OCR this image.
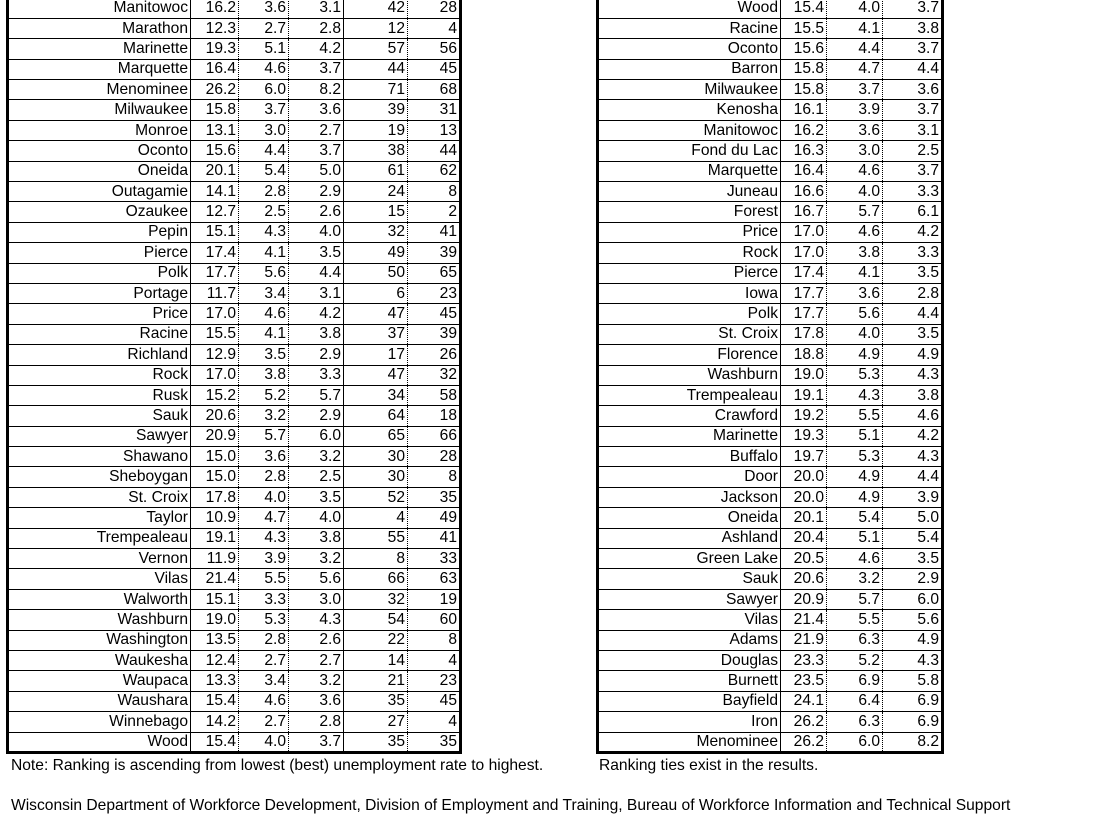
Manitowoc	16.2	3.6	3.1	42	28
Marathon	12.3	2.7	2.8	12	4
Marinette	19.3	5.1	4.2	57	56
Marquette	16.4	4.6	3.7	44	45
Menominee	26.2	6.0	8.2	71	68
Milwaukee	15.8	3.7	3.6	39	31
Monroe	13.1	3.0	2.7	19	13
Oconto	15.6	4.4	3.7	38	44
Oneida	20.1	5.4	5.0	61	62
Outagamie	14.1	2.8	2.9	24	8
Ozaukee	12.7	2.5	2.6	15	2
Pepin	15.1	4.3	4.0	32	41
Pierce	17.4	4.1	3.5	49	39
Polk	17.7	5.6	4.4	50	65
Portage	11.7	3.4	3.1	6	23
Price	17.0	4.6	4.2	47	45
Racine	15.5	4.1	3.8	37	39
Richland	12.9	3.5	2.9	17	26
Rock	17.0	3.8	3.3	47	32
Rusk	15.2	5.2	5.7	34	58
Sauk	20.6	3.2	2.9	64	18
Sawyer	20.9	5.7	6.0	65	66
Shawano	15.0	3.6	3.2	30	28
Sheboygan	15.0	2.8	2.5	30	8
St. Croix	17.8	4.0	3.5	52	35
Taylor	10.9	4.7	4.0	4	49
Trempealeau	19.1	4.3	3.8	55	41
Vernon	11.9	3.9	3.2	8	33
Vilas	21.4	5.5	5.6	66	63
Walworth	15.1	3.3	3.0	32	19
Washburn	19.0	5.3	4.3	54	60
Washington	13.5	2.8	2.6	22	8
Waukesha	12.4	2.7	2.7	14	4
Waupaca	13.3	3.4	3.2	21	23
Waushara	15.4	4.6	3.6	35	45
Winnebago	14.2	2.7	2.8	27	4
Wood	15.4	4.0	3.7	35	35
Wood	15.4	4.0	3.7
Racine	15.5	4.1	3.8
Oconto	15.6	4.4	3.7
Barron	15.8	4.7	4.4
Milwaukee	15.8	3.7	3.6
Kenosha	16.1	3.9	3.7
Manitowoc	16.2	3.6	3.1
Fond du Lac	16.3	3.0	2.5
Marquette	16.4	4.6	3.7
Juneau	16.6	4.0	3.3
Forest	16.7	5.7	6.1
Price	17.0	4.6	4.2
Rock	17.0	3.8	3.3
Pierce	17.4	4.1	3.5
Iowa	17.7	3.6	2.8
Polk	17.7	5.6	4.4
St. Croix	17.8	4.0	3.5
Florence	18.8	4.9	4.9
Washburn	19.0	5.3	4.3
Trempealeau	19.1	4.3	3.8
Crawford	19.2	5.5	4.6
Marinette	19.3	5.1	4.2
Buffalo	19.7	5.3	4.3
Door	20.0	4.9	4.4
Jackson	20.0	4.9	3.9
Oneida	20.1	5.4	5.0
Ashland	20.4	5.1	5.4
Green Lake	20.5	4.6	3.5
Sauk	20.6	3.2	2.9
Sawyer	20.9	5.7	6.0
Vilas	21.4	5.5	5.6
Adams	21.9	6.3	4.9
Douglas	23.3	5.2	4.3
Burnett	23.5	6.9	5.8
Bayfield	24.1	6.4	6.9
Iron	26.2	6.3	6.9
Menominee	26.2	6.0	8.2
Note: Ranking is ascending from lowest (best) unemployment rate to highest.	Ranking ties exist in the results.
Wisconsin Department of Workforce Development, Division of Employment and Training, Bureau of Workforce Information and Technical Support
